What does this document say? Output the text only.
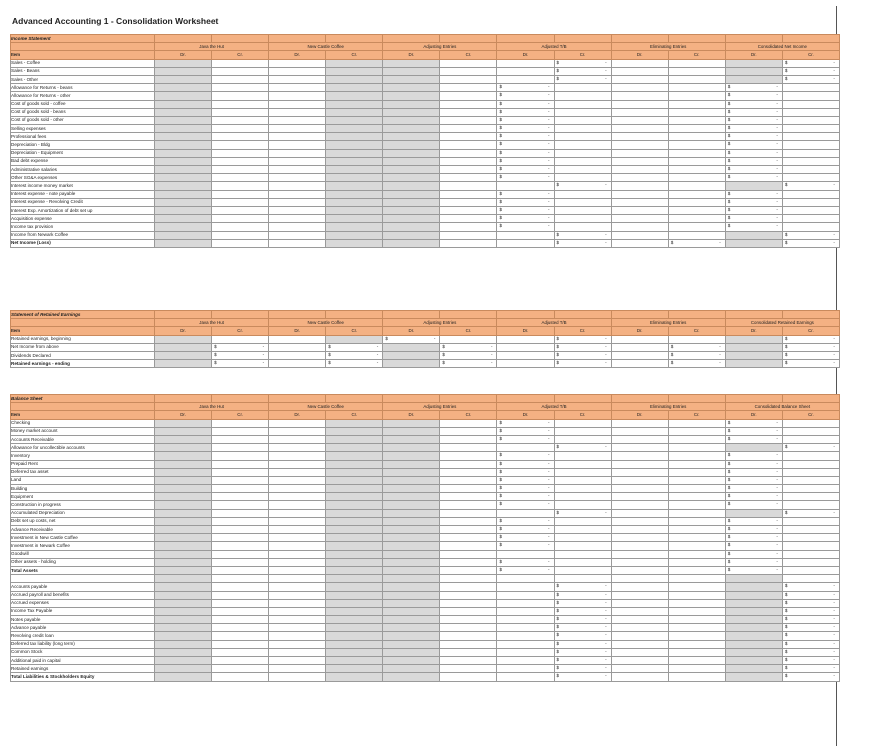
Advanced Accounting 1 - Consolidation Worksheet
Income Statement												
	Java the Hut		New Castle Coffee		Adjusting Entries		Adjusted T/B		Eliminating Entries		Consolidated Net Income	
Item	Dr.	Cr.	Dr.	Cr.	Dr.	Cr.	Dr.	Cr.	Dr.	Cr.	Dr.	Cr.
Sales - Coffee								$ -				$ -

Sales - Beans								$ -				$ -

Sales - Other								$ -				$ -

Allowance for Returns - beans							$ -				$ -	

Allowance for Returns - other							$ -				$ -	

Cost of goods sold - coffee							$ -				$ -	

Cost of goods sold - beans							$ -				$ -	

Cost of goods sold - other							$ -				$ -	

Selling expenses							$ -				$ -	

Professional fees							$ -				$ -	

Depreciation - Bldg							$ -				$ -	

Depreciation - Equipment							$ -				$ -	

Bad debt expense							$ -				$ -	

Administrative salaries							$ -				$ -	

Other SG&A expenses							$ -				$ -	

Interest income money market								$ -				$ -

Interest expense - note payable							$ -				$ -	

Interest expense - Revolving Credit							$ -				$ -	

Interest Exp. Amortization of debt set up							$ -				$ -	

Acquisition expense							$ -				$ -	

Income tax provision							$ -				$ -	

Income from Newark Coffee								$ -				$ -

Net Income (Loss)								$ -		$ -		$ -
Statement of Retained Earnings												
	Java the Hut		New Castle Coffee		Adjusting Entries		Adjusted T/B		Eliminating Entries		Consolidated Retained Earnings	
Item	Dr.	Cr.	Dr.	Cr.	Dr.	Cr.	Dr.	Cr.	Dr.	Cr.	Dr.	Cr.
Retained earnings, beginning					$ -			$ -				$ -

Net Income from above		$ -		$ -		$ -		$ -		$ -		$ -

Dividends Declared		$ -		$ -		$ -		$ -		$ -		$ -

Retained earnings - ending		$ -		$ -		$ -		$ -		$ -		$ -
Balance Sheet												
	Java the Hut		New Castle Coffee		Adjusting Entries		Adjusted T/B		Eliminating Entries		Consolidated Balance Sheet	
Item	Dr.	Cr.	Dr.	Cr.	Dr.	Cr.	Dr.	Cr.	Dr.	Cr.	Dr.	Cr.
Checking							$ -				$ -	

Money market account							$ -				$ -	

Accounts Receivable							$ -				$ -	

Allowance for uncollectible accounts								$ -				$ -

Inventory							$ -				$ -	

Prepaid Rent							$ -				$ -	

Deferred tax asset							$ -				$ -	

Land							$ -				$ -	

Building							$ -				$ -	

Equipment							$ -				$ -	

Construction in progress							$ -				$ -	

Accumulated Depreciation								$ -				$ -

Debt set up costs, net							$ -				$ -	

Advance Receivable							$ -				$ -	

Investment in New Castle Coffee							$ -				$ -	

Investment in Newark Coffee							$ -				$ -	

Goodwill											$ -	

Other assets - holding							$ -				$ -	

Total Assets							$ -				$ -	

Accounts payable								$ -				$ -

Accrued payroll and benefits								$ -				$ -

Accrued expenses								$ -				$ -

Income Tax Payable								$ -				$ -

Notes payable								$ -				$ -

Advance payable								$ -				$ -

Revolving credit loan								$ -				$ -

Deferred tax liability (long term)								$ -				$ -

Common Stock								$ -				$ -

Additional paid in capital								$ -				$ -

Retained earnings								$ -				$ -

Total Liabilities & Stockholders Equity								$ -				$ -
